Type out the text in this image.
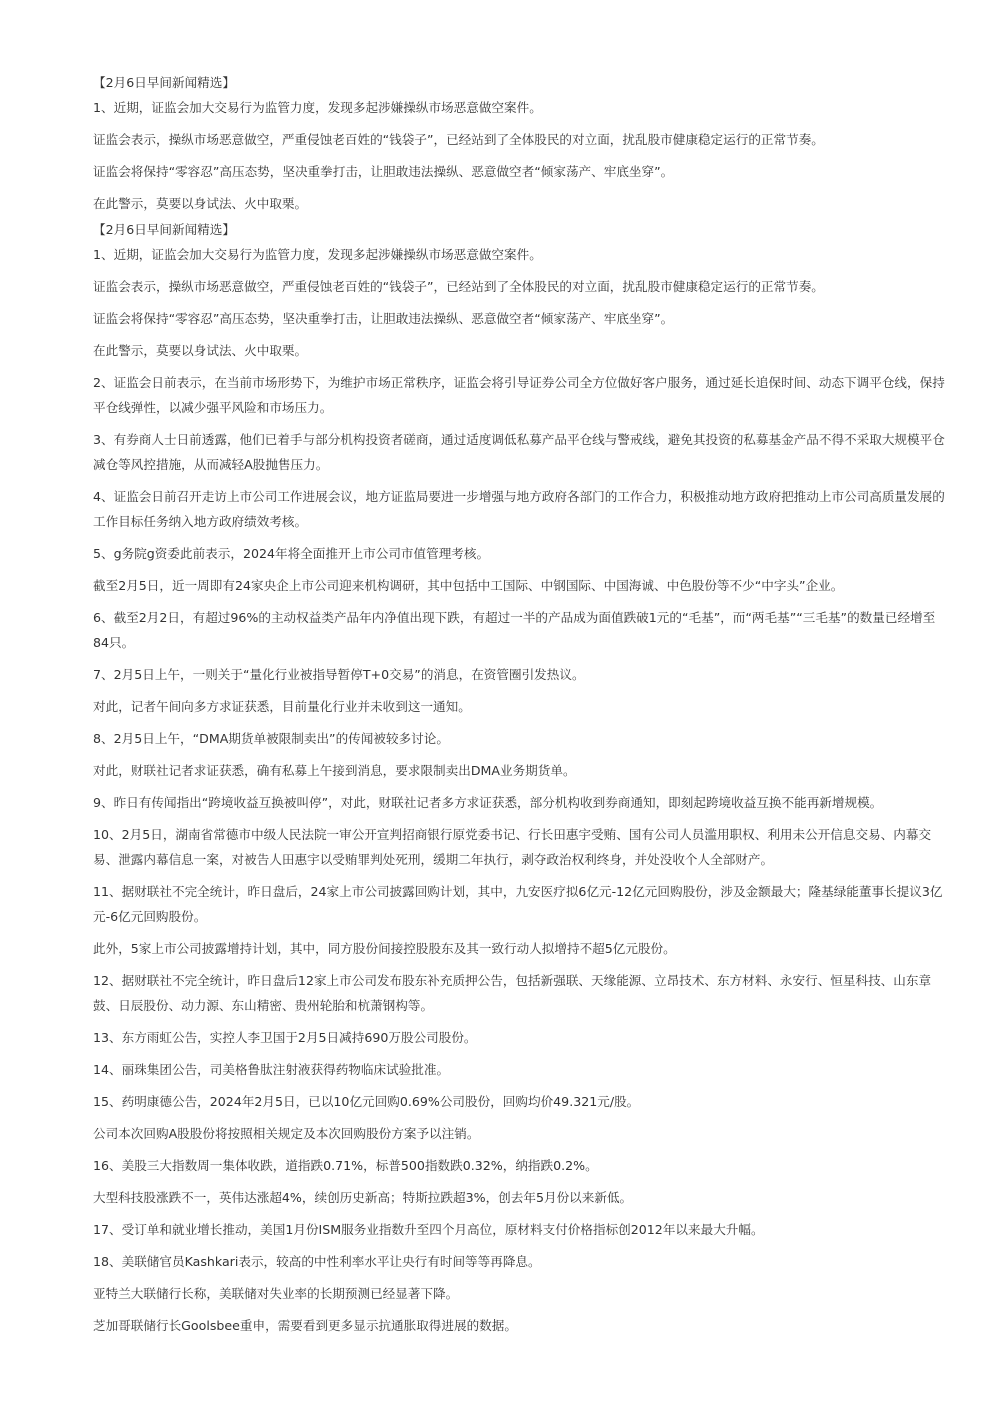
【2月6日早间新闻精选】

1、近期，证监会加大交易行为监管力度，发现多起涉嫌操纵市场恶意做空案件。

证监会表示，操纵市场恶意做空，严重侵蚀老百姓的“钱袋子”，已经站到了全体股民的对立面，扰乱股市健康稳定运行的正常节奏。

证监会将保持“零容忍”高压态势，坚决重拳打击，让胆敢违法操纵、恶意做空者“倾家荡产、牢底坐穿”。

在此警示，莫要以身试法、火中取栗。

【2月6日早间新闻精选】

1、近期，证监会加大交易行为监管力度，发现多起涉嫌操纵市场恶意做空案件。

证监会表示，操纵市场恶意做空，严重侵蚀老百姓的“钱袋子”，已经站到了全体股民的对立面，扰乱股市健康稳定运行的正常节奏。

证监会将保持“零容忍”高压态势，坚决重拳打击，让胆敢违法操纵、恶意做空者“倾家荡产、牢底坐穿”。

在此警示，莫要以身试法、火中取栗。

2、证监会日前表示，在当前市场形势下，为维护市场正常秩序，证监会将引导证券公司全方位做好客户服务，通过延长追保时间、动态下调平仓线，保持平仓线弹性，以减少强平风险和市场压力。

3、有券商人士日前透露，他们已着手与部分机构投资者磋商，通过适度调低私募产品平仓线与警戒线，避免其投资的私募基金产品不得不采取大规模平仓减仓等风控措施，从而减轻A股抛售压力。

4、证监会日前召开走访上市公司工作进展会议，地方证监局要进一步增强与地方政府各部门的工作合力，积极推动地方政府把推动上市公司高质量发展的工作目标任务纳入地方政府绩效考核。

5、g务院g资委此前表示，2024年将全面推开上市公司市值管理考核。

截至2月5日，近一周即有24家央企上市公司迎来机构调研，其中包括中工国际、中钢国际、中国海诚、中色股份等不少“中字头”企业。

6、截至2月2日，有超过96%的主动权益类产品年内净值出现下跌，有超过一半的产品成为面值跌破1元的“毛基”，而“两毛基”“三毛基”的数量已经增至84只。

7、2月5日上午，一则关于“量化行业被指导暂停T+0交易”的消息，在资管圈引发热议。

对此，记者午间向多方求证获悉，目前量化行业并未收到这一通知。

8、2月5日上午，“DMA期货单被限制卖出”的传闻被较多讨论。

对此，财联社记者求证获悉，确有私募上午接到消息，要求限制卖出DMA业务期货单。

9、昨日有传闻指出“跨境收益互换被叫停”，对此，财联社记者多方求证获悉，部分机构收到券商通知，即刻起跨境收益互换不能再新增规模。

10、2月5日，湖南省常德市中级人民法院一审公开宣判招商银行原党委书记、行长田惠宇受贿、国有公司人员滥用职权、利用未公开信息交易、内幕交易、泄露内幕信息一案，对被告人田惠宇以受贿罪判处死刑，缓期二年执行，剥夺政治权利终身，并处没收个人全部财产。

11、据财联社不完全统计，昨日盘后，24家上市公司披露回购计划，其中，九安医疗拟6亿元-12亿元回购股份，涉及金额最大；隆基绿能董事长提议3亿元-6亿元回购股份。

此外，5家上市公司披露增持计划，其中，同方股份间接控股股东及其一致行动人拟增持不超5亿元股份。

12、据财联社不完全统计，昨日盘后12家上市公司发布股东补充质押公告，包括新强联、天缘能源、立昂技术、东方材料、永安行、恒星科技、山东章鼓、日辰股份、动力源、东山精密、贵州轮胎和杭萧钢构等。

13、东方雨虹公告，实控人李卫国于2月5日减持690万股公司股份。

14、丽珠集团公告，司美格鲁肽注射液获得药物临床试验批准。

15、药明康德公告，2024年2月5日，已以10亿元回购0.69%公司股份，回购均价49.321元/股。

公司本次回购A股股份将按照相关规定及本次回购股份方案予以注销。

16、美股三大指数周一集体收跌，道指跌0.71%，标普500指数跌0.32%，纳指跌0.2%。

大型科技股涨跌不一，英伟达涨超4%，续创历史新高；特斯拉跌超3%，创去年5月份以来新低。

17、受订单和就业增长推动，美国1月份ISM服务业指数升至四个月高位，原材料支付价格指标创2012年以来最大升幅。

18、美联储官员Kashkari表示，较高的中性利率水平让央行有时间等等再降息。

亚特兰大联储行长称，美联储对失业率的长期预测已经显著下降。

芝加哥联储行长Goolsbee重申，需要看到更多显示抗通胀取得进展的数据。
